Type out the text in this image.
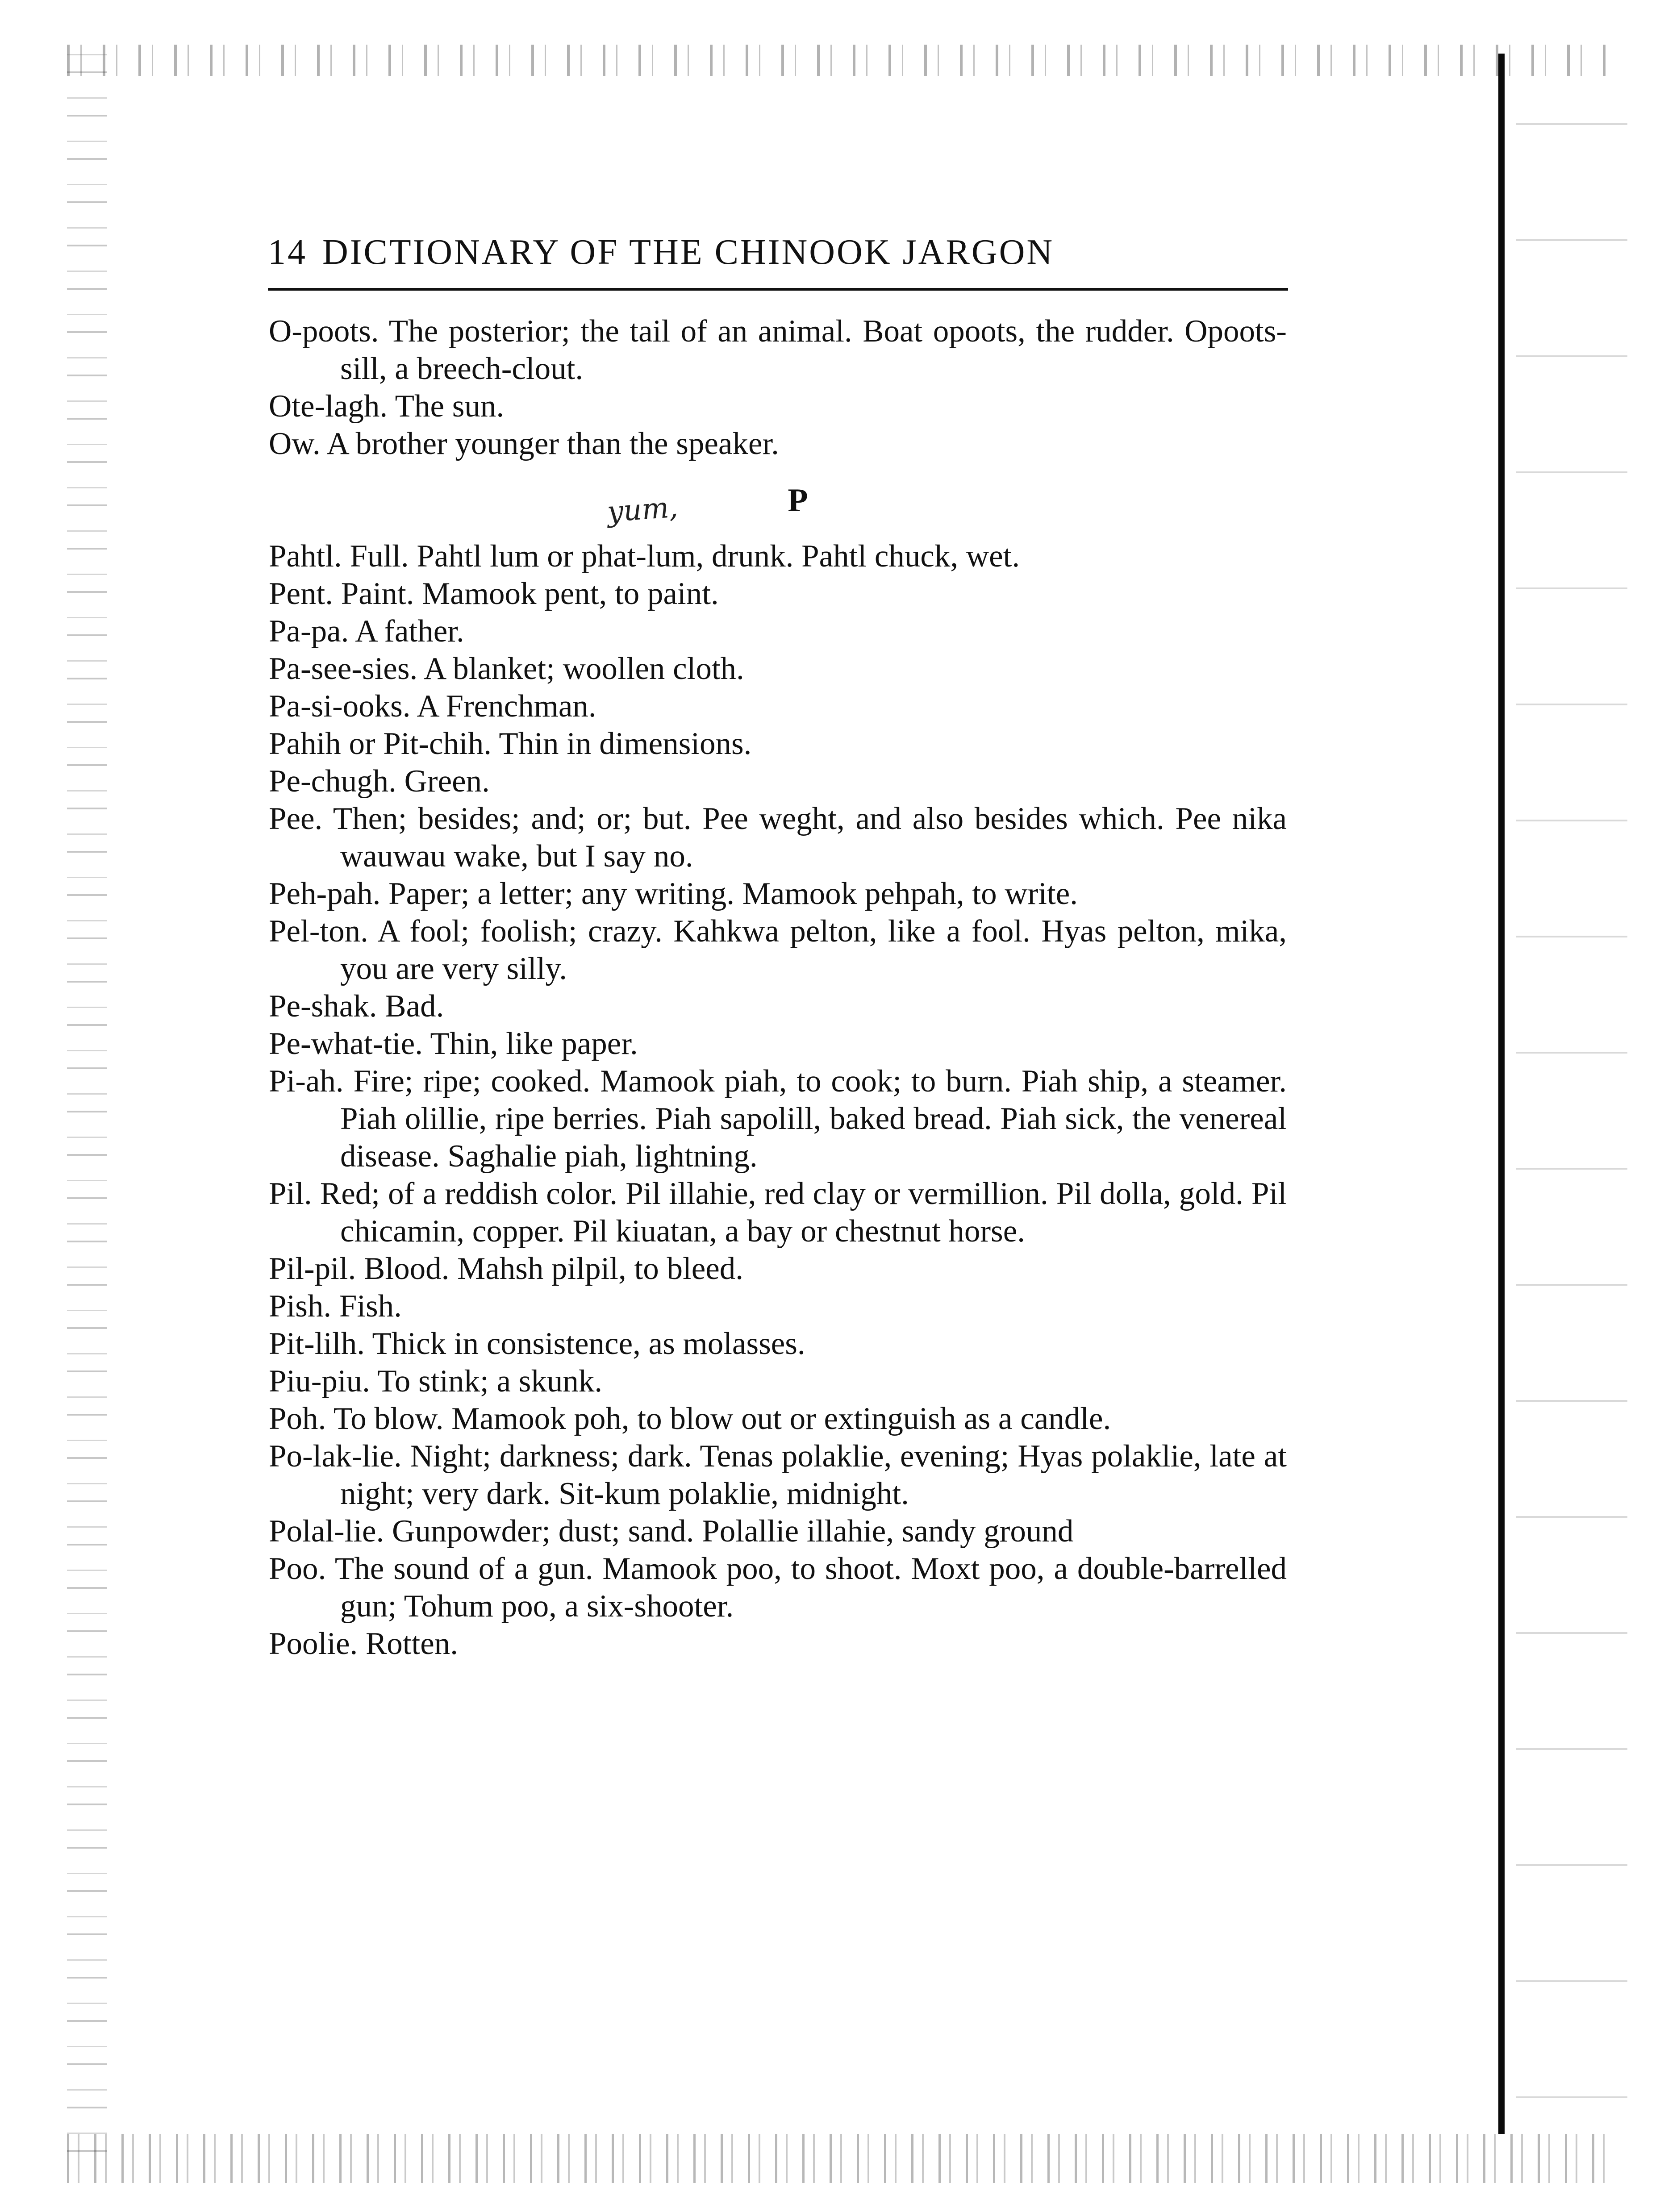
14 DICTIONARY OF THE CHINOOK JARGON
yum,
O-poots. The posterior; the tail of an animal. Boat opoots, the rudder. Opoots-sill, a breech-clout.
Ote-lagh. The sun.
Ow. A brother younger than the speaker.
P
Pahtl. Full. Pahtl lum or phat-lum, drunk. Pahtl chuck, wet.
Pent. Paint. Mamook pent, to paint.
Pa-pa. A father.
Pa-see-sies. A blanket; woollen cloth.
Pa-si-ooks. A Frenchman.
Pahih or Pit-chih. Thin in dimensions.
Pe-chugh. Green.
Pee. Then; besides; and; or; but. Pee weght, and also besides which. Pee nika wauwau wake, but I say no.
Peh-pah. Paper; a letter; any writing. Mamook pehpah, to write.
Pel-ton. A fool; foolish; crazy. Kahkwa pelton, like a fool. Hyas pelton, mika, you are very silly.
Pe-shak. Bad.
Pe-what-tie. Thin, like paper.
Pi-ah. Fire; ripe; cooked. Mamook piah, to cook; to burn. Piah ship, a steamer. Piah olillie, ripe berries. Piah sapolill, baked bread. Piah sick, the venereal disease. Saghalie piah, lightning.
Pil. Red; of a reddish color. Pil illahie, red clay or vermillion. Pil dolla, gold. Pil chicamin, copper. Pil kiuatan, a bay or chestnut horse.
Pil-pil. Blood. Mahsh pilpil, to bleed.
Pish. Fish.
Pit-lilh. Thick in consistence, as molasses.
Piu-piu. To stink; a skunk.
Poh. To blow. Mamook poh, to blow out or extinguish as a candle.
Po-lak-lie. Night; darkness; dark. Tenas polaklie, evening; Hyas polaklie, late at night; very dark. Sit-kum polaklie, midnight.
Polal-lie. Gunpowder; dust; sand. Polallie illahie, sandy ground
Poo. The sound of a gun. Mamook poo, to shoot. Moxt poo, a double-barrelled gun; Tohum poo, a six-shooter.
Poolie. Rotten.
